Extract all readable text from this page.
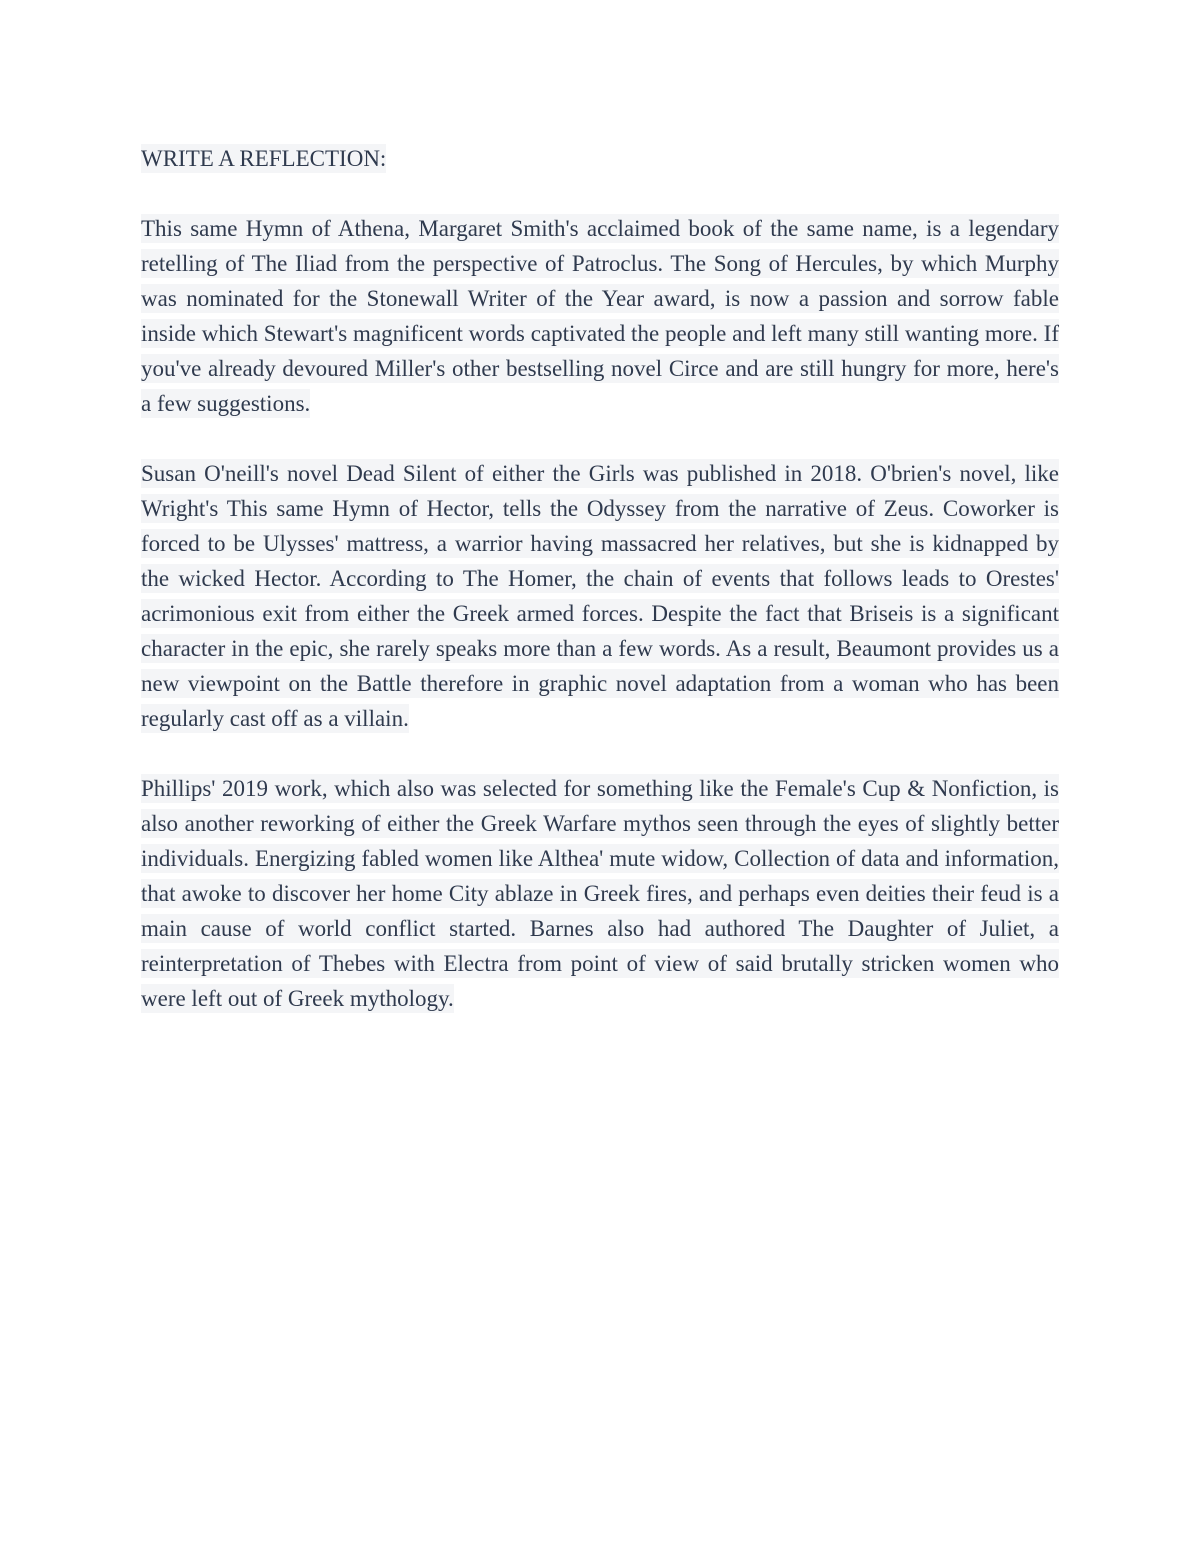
WRITE A REFLECTION:

This same Hymn of Athena, Margaret Smith's acclaimed book of the same name, is a legendary retelling of The Iliad from the perspective of Patroclus. The Song of Hercules, by which Murphy was nominated for the Stonewall Writer of the Year award, is now a passion and sorrow fable inside which Stewart's magnificent words captivated the people and left many still wanting more. If you've already devoured Miller's other bestselling novel Circe and are still hungry for more, here's a few suggestions.

Susan O'neill's novel Dead Silent of either the Girls was published in 2018. O'brien's novel, like Wright's This same Hymn of Hector, tells the Odyssey from the narrative of Zeus. Coworker is forced to be Ulysses' mattress, a warrior having massacred her relatives, but she is kidnapped by the wicked Hector. According to The Homer, the chain of events that follows leads to Orestes' acrimonious exit from either the Greek armed forces. Despite the fact that Briseis is a significant character in the epic, she rarely speaks more than a few words. As a result, Beaumont provides us a new viewpoint on the Battle therefore in graphic novel adaptation from a woman who has been regularly cast off as a villain.

Phillips' 2019 work, which also was selected for something like the Female's Cup & Nonfiction, is also another reworking of either the Greek Warfare mythos seen through the eyes of slightly better individuals. Energizing fabled women like Althea' mute widow, Collection of data and information, that awoke to discover her home City ablaze in Greek fires, and perhaps even deities their feud is a main cause of world conflict started. Barnes also had authored The Daughter of Juliet, a reinterpretation of Thebes with Electra from point of view of said brutally stricken women who were left out of Greek mythology.
